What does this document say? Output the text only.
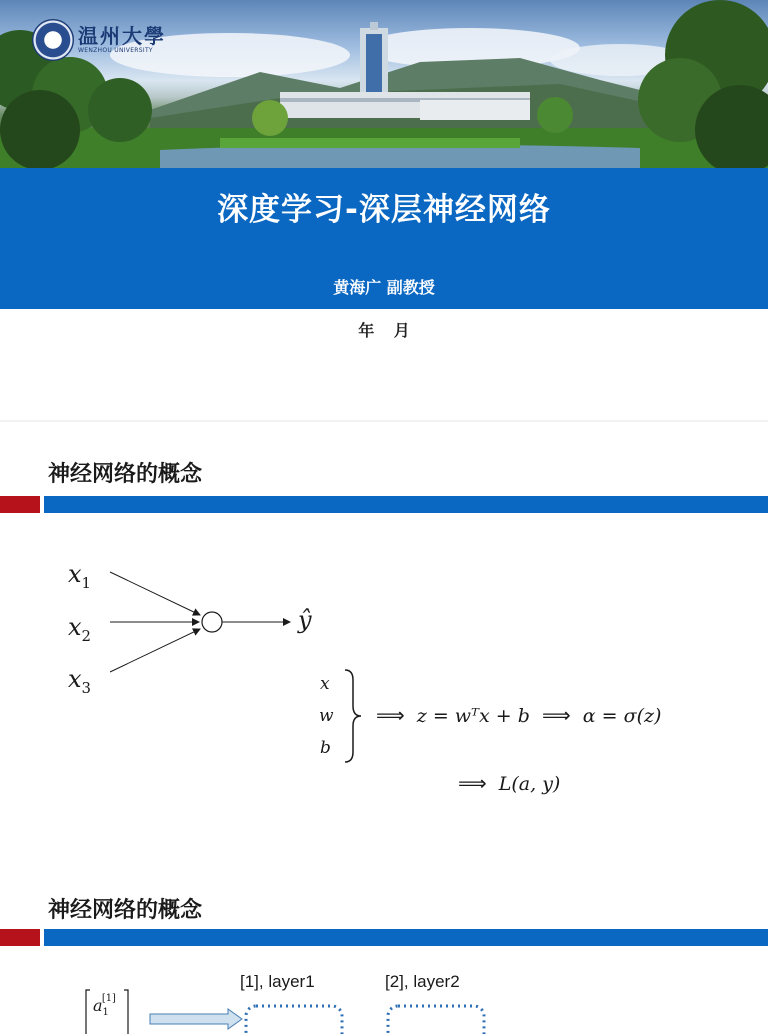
W 温州大學
WENZHOU UNIVERSITY
深度学习-深层神经网络
黄海广 副教授
年 月
神经网络的概念
$x_1$
$x_2$
$x_3$
ŷ
x
w
b
⟹ z = wᵀx + b ⟹ α = σ(z)
⟹ L(a, y)
神经网络的概念
[1], layer1	[2], layer2
$a_1[1]$
